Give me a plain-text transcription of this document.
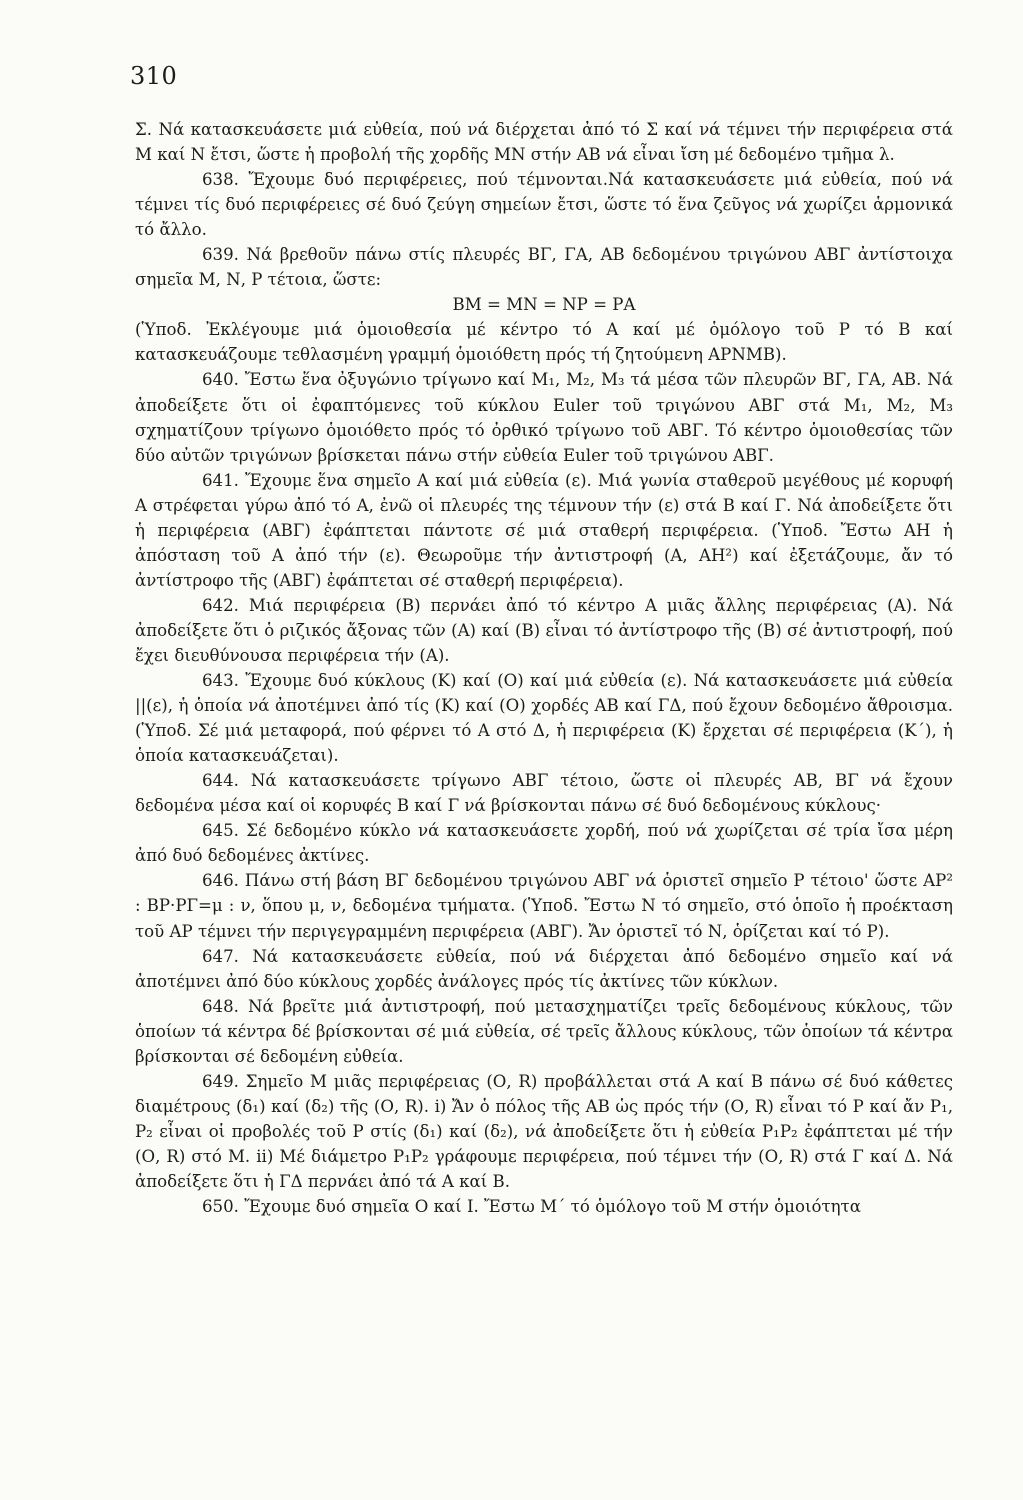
310

Σ. Νά κατασκευάσετε μιά εὐθεία, πού νά διέρχεται ἀπό τό Σ καί νά τέμνει τήν περιφέρεια στά Μ καί Ν ἔτσι, ὥστε ἡ προβολή τῆς χορδῆς ΜΝ στήν ΑΒ νά εἶναι ἴση μέ δεδομένο τμῆμα λ.

638. Ἔχουμε δυό περιφέρειες, πού τέμνονται.Νά κατασκευάσετε μιά εὐθεία, πού νά τέμνει τίς δυό περιφέρειες σέ δυό ζεύγη σημείων ἔτσι, ὥστε τό ἕνα ζεῦγος νά χωρίζει ἁρμονικά τό ἄλλο.

639. Νά βρεθοῦν πάνω στίς πλευρές ΒΓ, ΓΑ, ΑΒ δεδομένου τριγώνου ΑΒΓ ἀντίστοιχα σημεῖα Μ, Ν, Ρ τέτοια, ὥστε:

ΒΜ = ΜΝ = ΝΡ = ΡΑ

(Ὑποδ. Ἐκλέγουμε μιά ὁμοιοθεσία μέ κέντρο τό Α καί μέ ὁμόλογο τοῦ Ρ τό Β καί κατασκευάζουμε τεθλασμένη γραμμή ὁμοιόθετη πρός τή ζητούμενη ΑΡΝΜΒ).

640. Ἔστω ἕνα ὀξυγώνιο τρίγωνο καί Μ₁, Μ₂, Μ₃ τά μέσα τῶν πλευρῶν ΒΓ, ΓΑ, ΑΒ. Νά ἀποδείξετε ὅτι οἱ ἐφαπτόμενες τοῦ κύκλου Euler τοῦ τριγώνου ΑΒΓ στά Μ₁, Μ₂, Μ₃ σχηματίζουν τρίγωνο ὁμοιόθετο πρός τό ὀρθικό τρίγωνο τοῦ ΑΒΓ. Τό κέντρο ὁμοιοθεσίας τῶν δύο αὐτῶν τριγώνων βρίσκεται πάνω στήν εὐθεία Euler τοῦ τριγώνου ΑΒΓ.

641. Ἔχουμε ἕνα σημεῖο Α καί μιά εὐθεία (ε). Μιά γωνία σταθεροῦ μεγέθους μέ κορυφή Α στρέφεται γύρω ἀπό τό Α, ἐνῶ οἱ πλευρές της τέμνουν τήν (ε) στά Β καί Γ. Νά ἀποδείξετε ὅτι ἡ περιφέρεια (ΑΒΓ) ἐφάπτεται πάντοτε σέ μιά σταθερή περιφέρεια. (Ὑποδ. Ἔστω ΑΗ ἡ ἀπόσταση τοῦ Α ἀπό τήν (ε). Θεωροῦμε τήν ἀντιστροφή (Α, ΑΗ²) καί ἐξετάζουμε, ἄν τό ἀντίστροφο τῆς (ΑΒΓ) ἐφάπτεται σέ σταθερή περιφέρεια).

642. Μιά περιφέρεια (Β) περνάει ἀπό τό κέντρο Α μιᾶς ἄλλης περιφέρειας (Α). Νά ἀποδείξετε ὅτι ὁ ριζικός ἄξονας τῶν (Α) καί (Β) εἶναι τό ἀντίστροφο τῆς (Β) σέ ἀντιστροφή, πού ἔχει διευθύνουσα περιφέρεια τήν (Α).

643. Ἔχουμε δυό κύκλους (Κ) καί (Ο) καί μιά εὐθεία (ε). Νά κατασκευάσετε μιά εὐθεία ||(ε), ἡ ὁποία νά ἀποτέμνει ἀπό τίς (Κ) καί (Ο) χορδές ΑΒ καί ΓΔ, πού ἔχουν δεδομένο ἄθροισμα. (Ὑποδ. Σέ μιά μεταφορά, πού φέρνει τό Α στό Δ, ἡ περιφέρεια (Κ) ἔρχεται σέ περιφέρεια (Κ΄), ἡ ὁποία κατασκευάζεται).

644. Νά κατασκευάσετε τρίγωνο ΑΒΓ τέτοιο, ὥστε οἱ πλευρές ΑΒ, ΒΓ νά ἔχουν δεδομένα μέσα καί οἱ κορυφές Β καί Γ νά βρίσκονται πάνω σέ δυό δεδομένους κύκλους·

645. Σέ δεδομένο κύκλο νά κατασκευάσετε χορδή, πού νά χωρίζεται σέ τρία ἴσα μέρη ἀπό δυό δεδομένες ἀκτίνες.

646. Πάνω στή βάση ΒΓ δεδομένου τριγώνου ΑΒΓ νά ὁριστεῖ σημεῖο Ρ τέτοιο' ὥστε ΑΡ² : ΒΡ·ΡΓ=μ : ν, ὅπου μ, ν, δεδομένα τμήματα. (Ὑποδ. Ἔστω Ν τό σημεῖο, στό ὁποῖο ἡ προέκταση τοῦ ΑΡ τέμνει τήν περιγεγραμμένη περιφέρεια (ΑΒΓ). Ἄν ὁριστεῖ τό Ν, ὁρίζεται καί τό Ρ).

647. Νά κατασκευάσετε εὐθεία, πού νά διέρχεται ἀπό δεδομένο σημεῖο καί νά ἀποτέμνει ἀπό δύο κύκλους χορδές ἀνάλογες πρός τίς ἀκτίνες τῶν κύκλων.

648. Νά βρεῖτε μιά ἀντιστροφή, πού μετασχηματίζει τρεῖς δεδομένους κύκλους, τῶν ὁποίων τά κέντρα δέ βρίσκονται σέ μιά εὐθεία, σέ τρεῖς ἄλλους κύκλους, τῶν ὁποίων τά κέντρα βρίσκονται σέ δεδομένη εὐθεία.

649. Σημεῖο Μ μιᾶς περιφέρειας (Ο, R) προβάλλεται στά Α καί Β πάνω σέ δυό κάθετες διαμέτρους (δ₁) καί (δ₂) τῆς (Ο, R). i) Ἄν ὁ πόλος τῆς ΑΒ ὡς πρός τήν (Ο, R) εἶναι τό Ρ καί ἄν Ρ₁, Ρ₂ εἶναι οἱ προβολές τοῦ Ρ στίς (δ₁) καί (δ₂), νά ἀποδείξετε ὅτι ἡ εὐθεία Ρ₁Ρ₂ ἐφάπτεται μέ τήν (Ο, R) στό Μ. ii) Μέ διάμετρο Ρ₁Ρ₂ γράφουμε περιφέρεια, πού τέμνει τήν (Ο, R) στά Γ καί Δ. Νά ἀποδείξετε ὅτι ἡ ΓΔ περνάει ἀπό τά Α καί Β.

650. Ἔχουμε δυό σημεῖα Ο καί Ι. Ἔστω Μ΄ τό ὁμόλογο τοῦ Μ στήν ὁμοιότητα
